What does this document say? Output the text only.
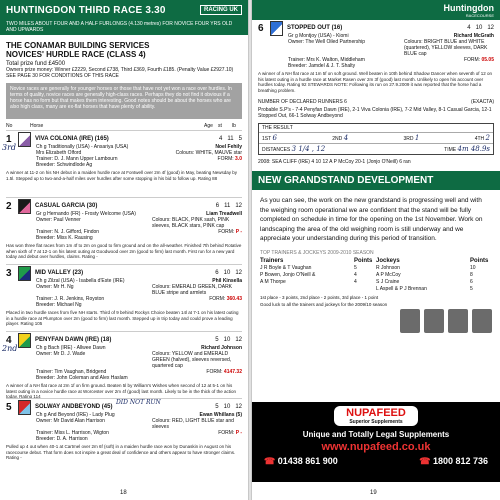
HUNTINGDON THIRD RACE 3.30	RACING UK
TWO MILES ABOUT FOUR AND A HALF FURLONGS (4.130 metres) FOR NOVICE FOUR YRS OLD AND UPWARDS
THE CONAMAR BUILDING SERVICES
NOVICES' HURDLE RACE (CLASS 4)
Total prize fund £4500
Owners prize money: Winner £2229, Second £738, Third £369, Fourth £185. (Penalty Value £2927.10)
SEE PAGE 30 FOR CONDITIONS OF THIS RACE
Novice races are generally for younger horses or those that have not yet won a race over hurdles. In terms of quality, novice races are generally high-class races. Perhaps they do not find it obvious if a horse has no form but that makes them interesting. Good notes should be about the horses who are also high class, many are ex-flat horses that have plenty of ability.
No	Horse	Age	st	lb
1	VIVA COLONIA (IRE) (165)	4 11 5
Ch g Traditionally (USA) - Ansariya (USA)	Noel Fehily
Mrs Elizabeth Olford	Colours: WHITE, MAUVE star
Trainer: D. J. Mann Upper Lambourn	FORM: 3.0
Breeder: Schwindlode Ag
A winner at 11-2 on his NH debut in a maiden hurdle race at Fontwell over 2m 4f (good) in May, beating Newsday by 1.5l. Stepped up to two-and-a-half miles over hurdles after some stopping in his bid to follow up. Rating 88
3rd
2	CASUAL GARCIA (30)	6 11 12
Gr g Hernando (FR) - Frosty Welcome (USA)	Liam Treadwell
Owner: Paul Venner	Colours: BLACK, PINK sash, PINK sleeves, BLACK stars, PINK cap
Trainer: N. J. Gifford, Findon	FORM: P -
Breeder: Miss K. Rausing
Has won three flat races from 1m 4f to 2m on good to firm ground and on the all-weather. Finished 7th behind Rotative when sixth of 7 at 12-1 on his latest outing at Goodwood over 2m (good to firm) last month. First run for a new yard today and debut over hurdles, claims. Rating -
3	MID VALLEY (23)	6 10 12
Ch g Zilzal (USA) - Isabella d'Este (IRE)	Phil Kinsella
Owner: Mr H. Ng	Colours: EMERALD GREEN, DARK BLUE stripe and armlets
Trainer: J. R. Jenkins, Royston	FORM: 360.43
Breeder: Michael Ng
Placed in two hurdle races from five NH starts. Third of 9 behind Rockys Choice beaten 14l at 7-1 on his latest outing in a hurdle race at Plumpton over 2m (good to firm) last month. Stepped up in trip today and could prove a leading player. Rating 105
4	PENYFAN DAWN (IRE) (18)	5 10 12
Ch g Bach (IRE) - Allwee Dawn	Richard Johnson
Owner: Mr D. J. Wade	Colours: YELLOW and EMERALD GREEN (halved), sleeves reversed, quartered cap
Trainer: Tim Vaughan, Bridgend	FORM: 4147.32
Breeder: John Coleman and Alex Haslam
A winner of a NH flat race at 2m 1f on firm ground. Beaten 5l by William's Wishes when second of 12 at 5-1 on his latest outing in a novice hurdle race at Worcester over 2m 4f (good) last month. Likely to be in the thick of the action today. Rating 114
2nd
5	SOLWAY ANDBEYOND (45)	5 10 12
Ch g And Beyond (IRE) - Lady Plug	Ewan Whillans (5)
Owner: Mr David Alan Harrison	Colours: RED, LIGHT BLUE star and sleeves
Trainer: Miss L. Harrison, Wigton	FORM: P -
Breeder: D. A. Harrison
Pulled up 4 out when 40-1 at Cartmel over 2m 6f (soft) in a maiden hurdle race won by Dunaskin in August on his racecourse debut. That form does not inspire a great deal of confidence and others appear to have stronger claims. Rating -
DID NOT RUN
18
Huntingdon
RACECOURSE
6	STOPPED OUT (16)	4 10 12
Gr g Montjoy (USA) - Kiomi	Richard McGrath
Owner: The Well Oiled Partnership	Colours: BRIGHT BLUE and WHITE (quartered), YELLOW sleeves, DARK BLUE cap
Trainer: Mrs K. Walton, Middleham	FORM: 05.05
Breeder: Jamdel & J. T. Shalty
A winner of a NH flat race at 1m 5f on soft ground. Well beaten in 10th behind Shadow Dancer when seventh of 12 on his latest outing in a hurdle race at Market Rasen over 2m 3f (good) last month. Unlikely to open his account over hurdles today. Rating 92 STEWARDS NOTE: Following its run on 27.9.2009 it was reported that the horse had a breathing problem.
NUMBER OF DECLARED RUNNERS 6	(EXACTA)
Probable S.P's - 7-4 Penyfan Dawn (IRE), 2-1 Viva Colonia (IRE), 7-2 Mid Valley, 8-1 Casual Garcia, 12-1 Stopped Out, 66-1 Solway Andbeyond
THE RESULT
1ST 6	2ND 4	3RD 1	4TH 2
DISTANCES 3 1/4 , 12	TIME 4m 48.9s
2008: SEA CLIFF (IRE) 4 10 12 A P McCoy 20-1 (Jonjo O'Neill) 6 ran
NEW GRANDSTAND DEVELOPMENT
As you can see, the work on the new grandstand is progressing well and with the weighing room operational we are confident that the stand will be fully completed on schedule in time for the opening on the 1st November. Work on landscaping the area of the old weighing room is still underway and we appreciate your understanding during this period of transition.
TOP TRAINERS & JOCKEYS 2009-2010 SEASON
Trainers	Points Jockeys	Points
J R Boyle & T Vaughan	5	R Johnson	10
P Bowen, Jonjo O'Neill &	4	A P McCoy	8
A M Thorpe	4	S J Craine	6
L Aspell & P J Brennan	5
1st place - 3 points, 2nd place - 2 points, 3rd place - 1 point
Good luck to all the trainers and jockeys for the 2009/10 season
NUPAFEED
Superior Supplements
Unique and Totally Legal Supplements
www.nupafeed.co.uk
☎ 01438 861 900	☎ 1800 812 736
19
